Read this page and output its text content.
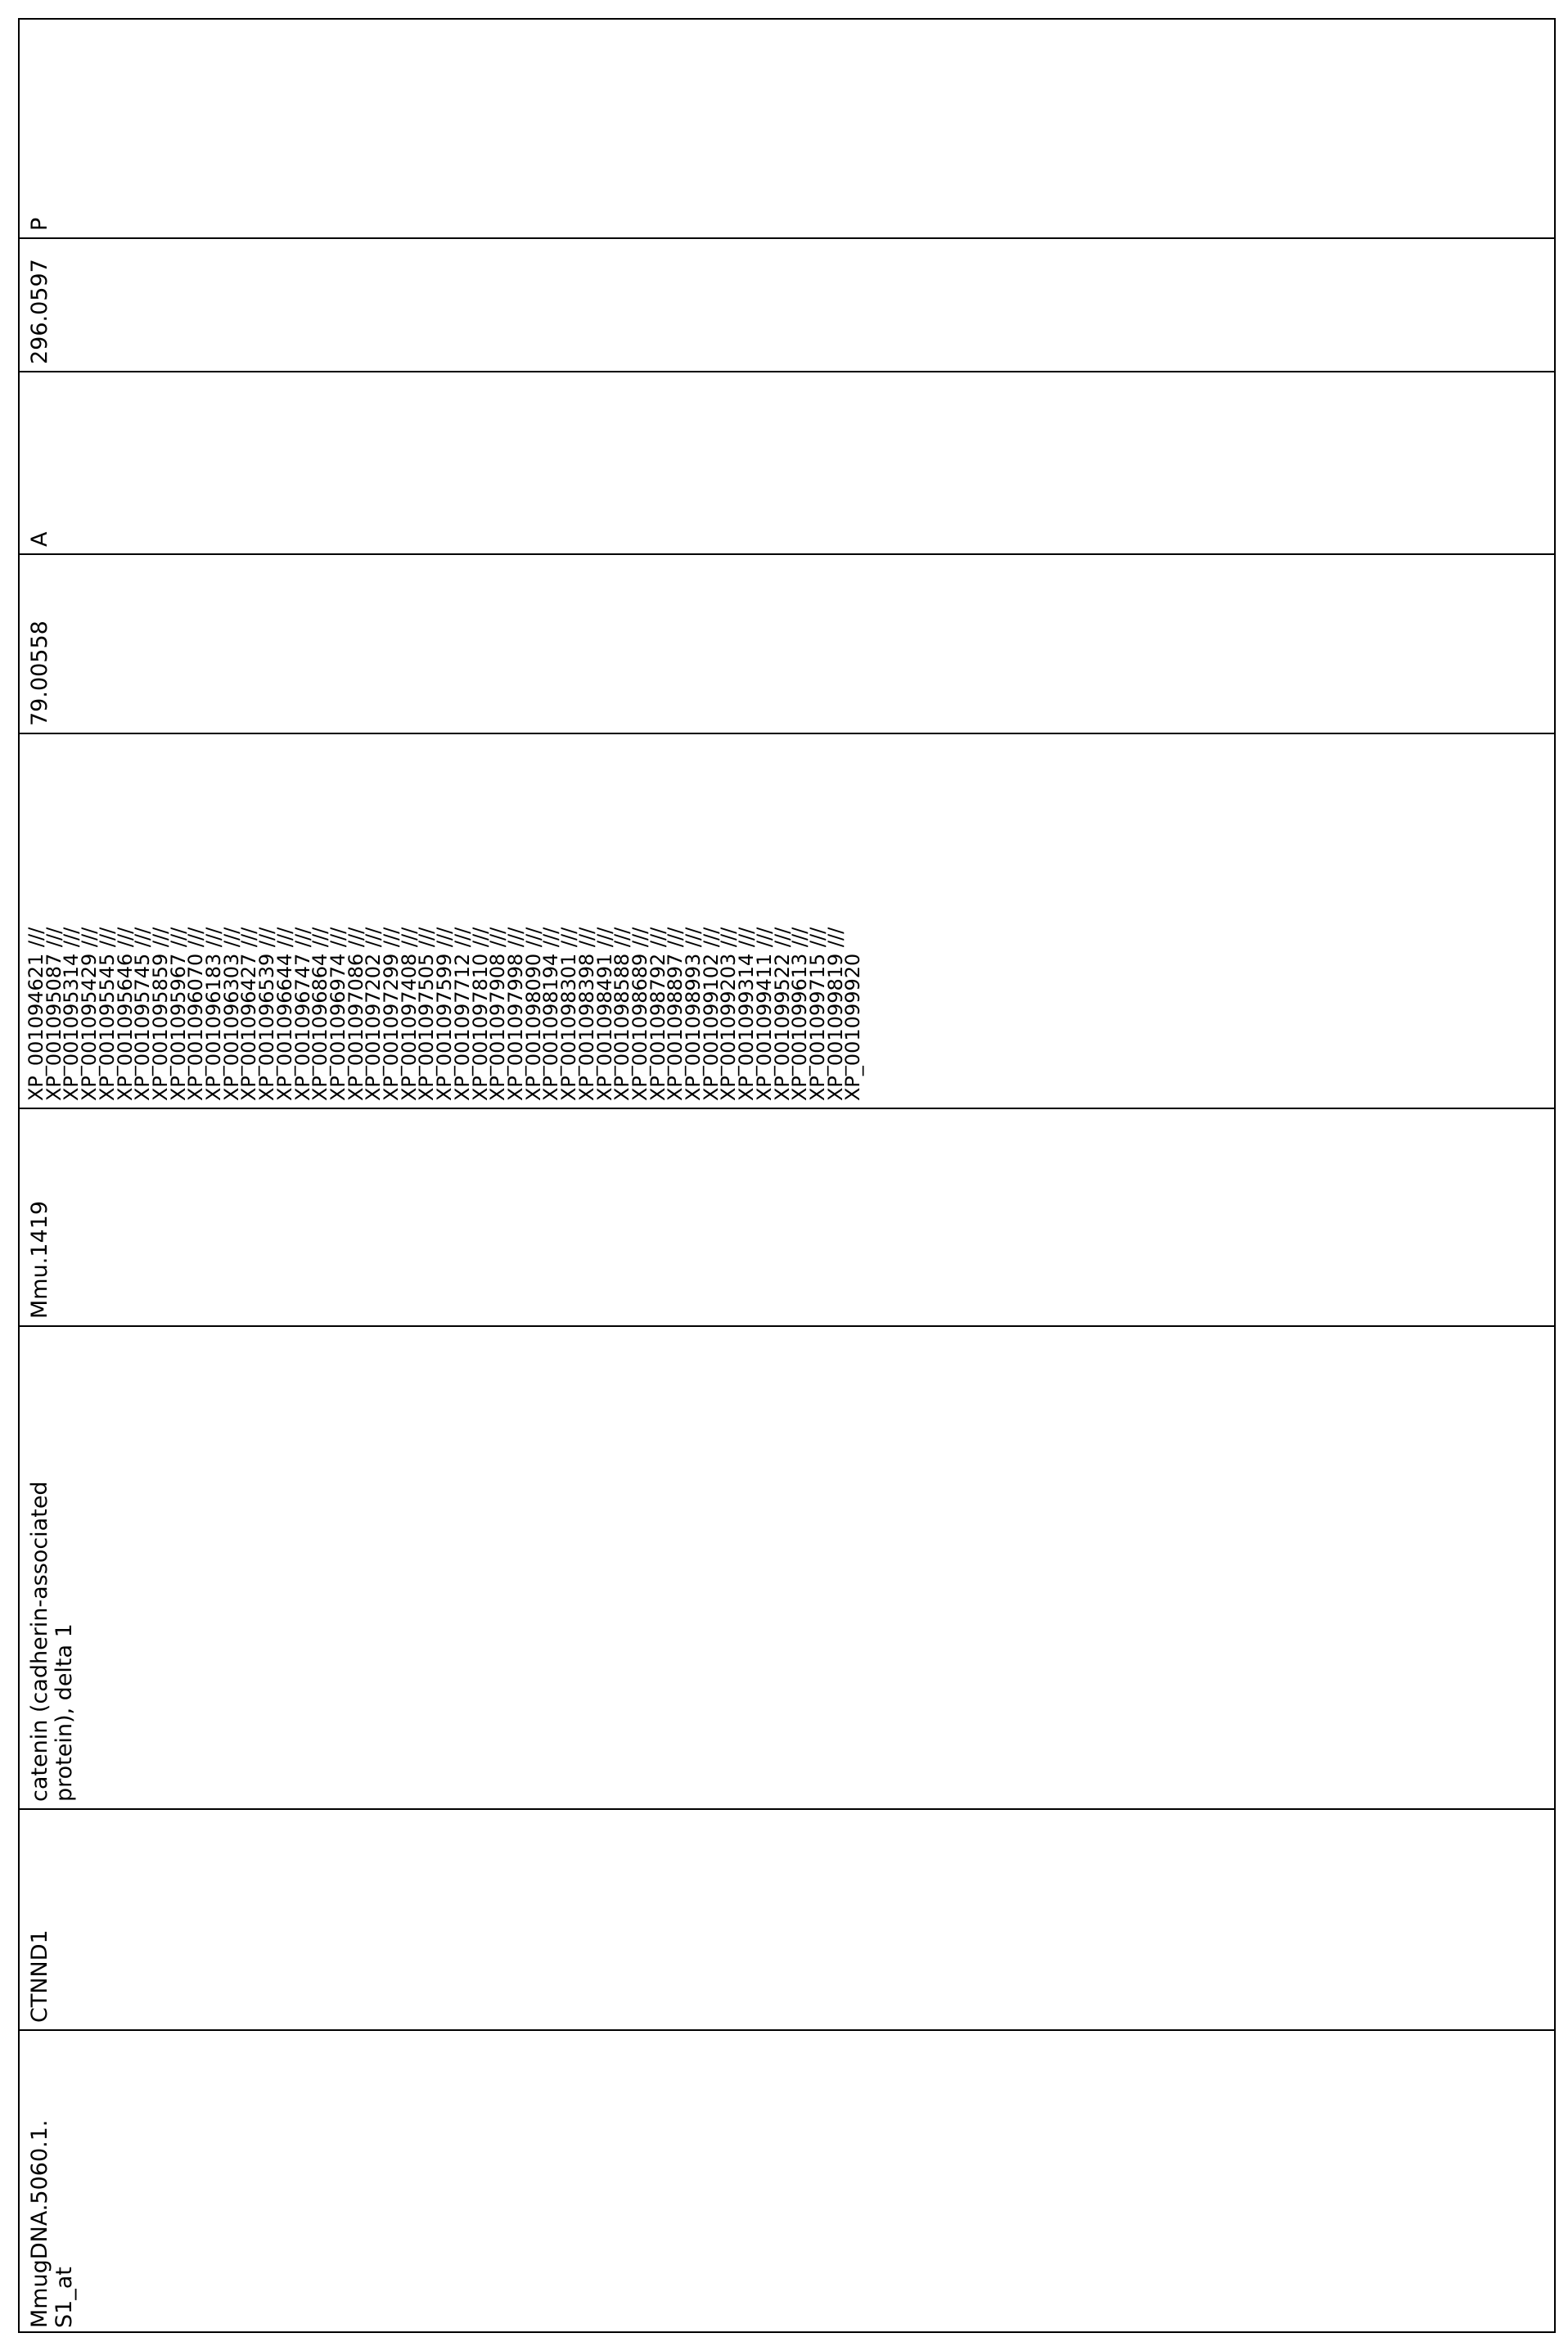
P
296.0597
A
79.00558
XP_001094621 ///
XP_001095087 ///
XP_001095314 ///
XP_001095429 ///
XP_001095545 ///
XP_001095646 ///
XP_001095745 ///
XP_001095859 ///
XP_001095967 ///
XP_001096070 ///
XP_001096183 ///
XP_001096303 ///
XP_001096427 ///
XP_001096539 ///
XP_001096644 ///
XP_001096747 ///
XP_001096864 ///
XP_001096974 ///
XP_001097086 ///
XP_001097202 ///
XP_001097299 ///
XP_001097408 ///
XP_001097505 ///
XP_001097599 ///
XP_001097712 ///
XP_001097810 ///
XP_001097908 ///
XP_001097998 ///
XP_001098090 ///
XP_001098194 ///
XP_001098301 ///
XP_001098398 ///
XP_001098491 ///
XP_001098588 ///
XP_001098689 ///
XP_001098792 ///
XP_001098897 ///
XP_001098993 ///
XP_001099102 ///
XP_001099203 ///
XP_001099314 ///
XP_001099411 ///
XP_001099522 ///
XP_001099613 ///
XP_001099715 ///
XP_001099819 ///
XP_001099920
Mmu.1419
catenin (cadherin-associated
protein), delta 1
CTNND1
MmugDNA.5060.1.
S1_at
